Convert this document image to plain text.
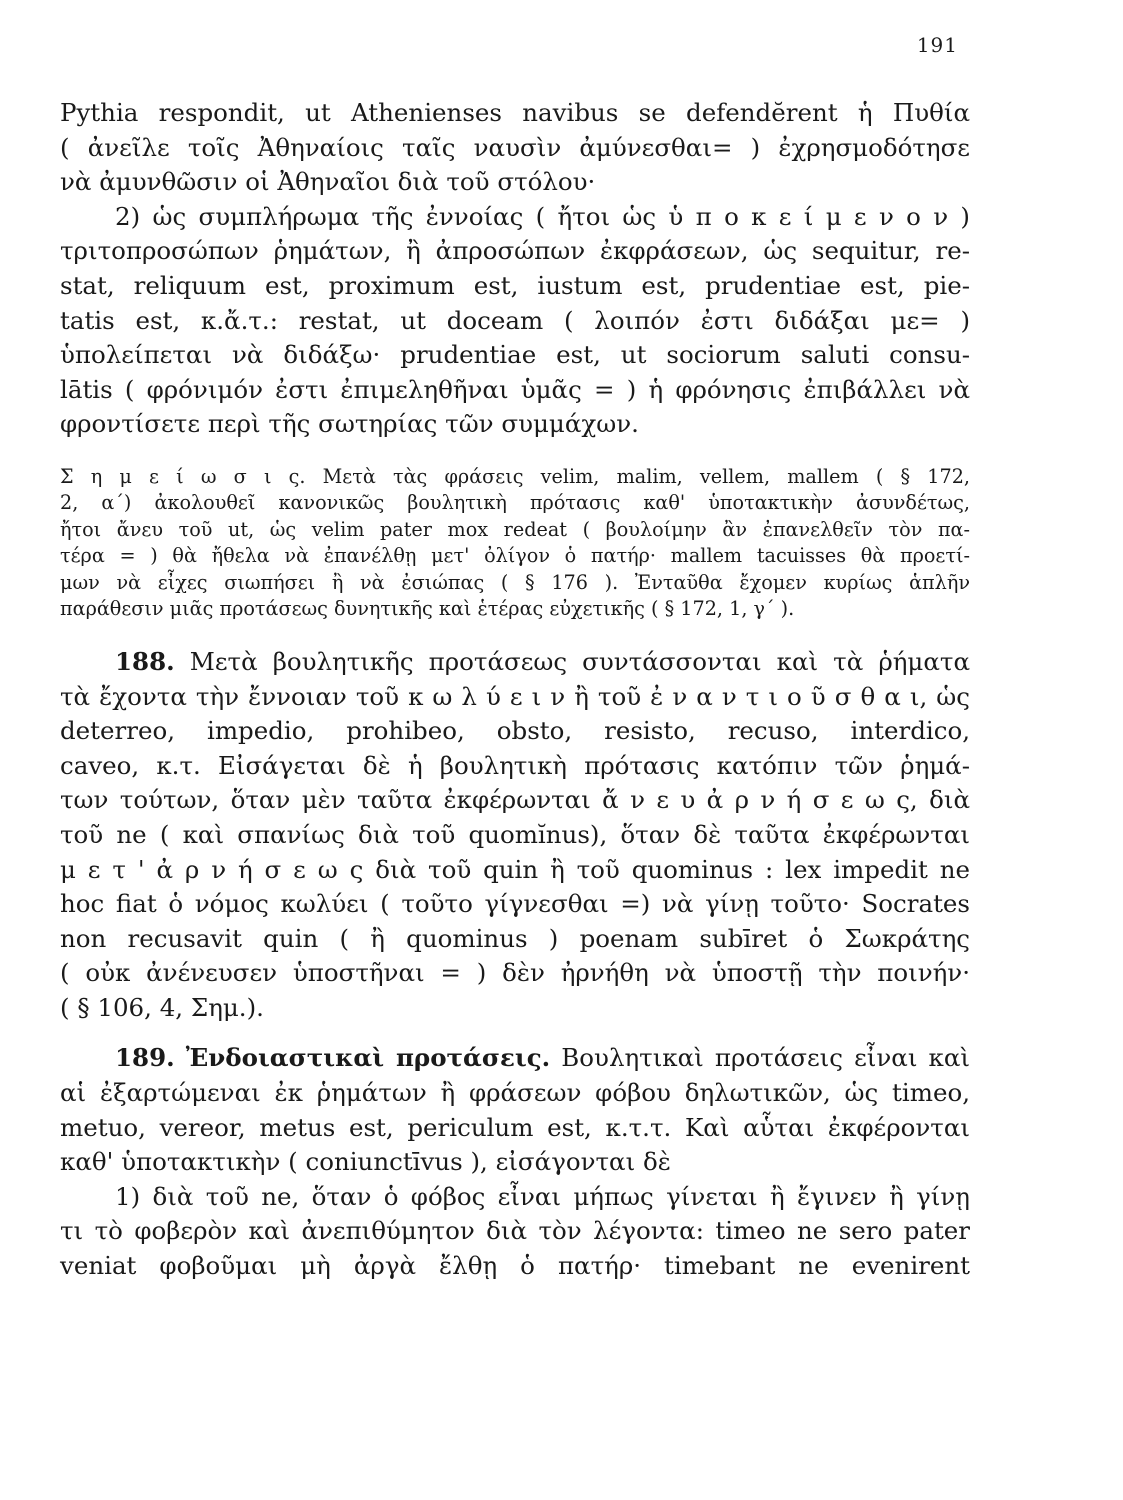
191
Pythia respondit, ut Athenienses navibus se defendĕrent ἡ Πυθία
( ἀνεῖλε τοῖς Ἀθηναίοις ταῖς ναυσὶν ἀμύνεσθαι= ) ἐχρησμοδότησε
νὰ ἀμυνθῶσιν οἱ Ἀθηναῖοι διὰ τοῦ στόλου·
2) ὡς συμπλήρωμα τῆς ἐννοίας ( ἤτοι ὡς ὑ π ο κ ε ί μ ε ν ο ν )
τριτοπροσώπων ῥημάτων, ἢ ἀπροσώπων ἐκφράσεων, ὡς sequitur, re-
stat, reliquum est, proximum est, iustum est, prudentiae est, pie-
tatis est, κ.ἄ.τ.: restat, ut doceam ( λοιπόν ἐστι διδάξαι με= )
ὑπολείπεται νὰ διδάξω· prudentiae est, ut sociorum saluti consu-
lātis ( φρόνιμόν ἐστι ἐπιμεληθῆναι ὑμᾶς = ) ἡ φρόνησις ἐπιβάλλει νὰ
φροντίσετε περὶ τῆς σωτηρίας τῶν συμμάχων.
Σ η μ ε ί ω σ ι ς. Μετὰ τὰς φράσεις velim, malim, vellem, mallem ( § 172,
2, α΄) ἀκολουθεῖ κανονικῶς βουλητικὴ πρότασις καθ' ὑποτακτικὴν ἀσυνδέτως,
ἤτοι ἄνευ τοῦ ut, ὡς velim pater mox redeat ( βουλοίμην ἂν ἐπανελθεῖν τὸν πα-
τέρα = ) θὰ ἤθελα νὰ ἐπανέλθῃ μετ' ὀλίγον ὁ πατήρ· mallem tacuisses θὰ προετί-
μων νὰ εἶχες σιωπήσει ἢ νὰ ἐσιώπας ( § 176 ). Ἐνταῦθα ἔχομεν κυρίως ἁπλῆν
παράθεσιν μιᾶς προτάσεως δυνητικῆς καὶ ἑτέρας εὐχετικῆς ( § 172, 1, γ΄ ).
188. Μετὰ βουλητικῆς προτάσεως συντάσσονται καὶ τὰ ῥήματα
τὰ ἔχοντα τὴν ἔννοιαν τοῦ κ ω λ ύ ε ι ν ἢ τοῦ ἐ ν α ν τ ι ο ῦ σ θ α ι, ὡς
deterreo, impedio, prohibeo, obsto, resisto, recuso, interdico,
caveo, κ.τ. Εἰσάγεται δὲ ἡ βουλητικὴ πρότασις κατόπιν τῶν ῥημά-
των τούτων, ὅταν μὲν ταῦτα ἐκφέρωνται ἄ ν ε υ ἀ ρ ν ή σ ε ω ς, διὰ
τοῦ ne ( καὶ σπανίως διὰ τοῦ quomĭnus), ὅταν δὲ ταῦτα ἐκφέρωνται
μ ε τ ' ἀ ρ ν ή σ ε ω ς διὰ τοῦ quin ἢ τοῦ quominus : lex impedit ne
hoc fiat ὁ νόμος κωλύει ( τοῦτο γίγνεσθαι =) νὰ γίνῃ τοῦτο· Socrates
non recusavit quin ( ἢ quominus ) poenam subīret ὁ Σωκράτης
( οὐκ ἀνένευσεν ὑποστῆναι = ) δὲν ἠρνήθη νὰ ὑποστῇ τὴν ποινήν·
( § 106, 4, Σημ.).
189. Ἐνδοιαστικαὶ προτάσεις. Βουλητικαὶ προτάσεις εἶναι καὶ
αἱ ἐξαρτώμεναι ἐκ ῥημάτων ἢ φράσεων φόβου δηλωτικῶν, ὡς timeo,
metuo, vereor, metus est, periculum est, κ.τ.τ. Καὶ αὗται ἐκφέρονται
καθ' ὑποτακτικὴν ( coniunctīvus ), εἰσάγονται δὲ
1) διὰ τοῦ ne, ὅταν ὁ φόβος εἶναι μήπως γίνεται ἢ ἔγινεν ἢ γίνῃ
τι τὸ φοβερὸν καὶ ἀνεπιθύμητον διὰ τὸν λέγοντα: timeo ne sero pater
veniat φοβοῦμαι μὴ ἀργὰ ἔλθῃ ὁ πατήρ· timebant ne evenirent
